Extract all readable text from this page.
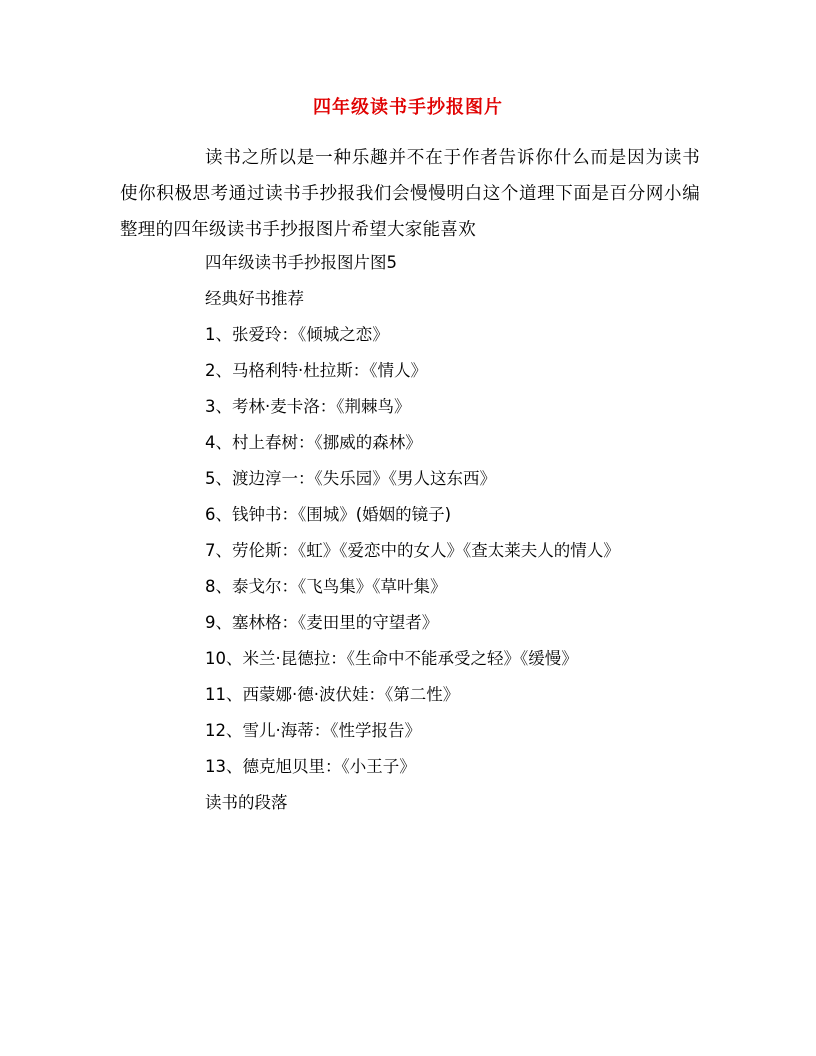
四年级读书手抄报图片
读书之所以是一种乐趣并不在于作者告诉你什么而是因为读书使你积极思考通过读书手抄报我们会慢慢明白这个道理下面是百分网小编整理的四年级读书手抄报图片希望大家能喜欢
四年级读书手抄报图片图5
经典好书推荐
1、张爱玲：《倾城之恋》
2、马格利特·杜拉斯：《情人》
3、考林·麦卡洛：《荆棘鸟》
4、村上春树：《挪威的森林》
5、渡边淳一：《失乐园》《男人这东西》
6、钱钟书：《围城》(婚姻的镜子)
7、劳伦斯：《虹》《爱恋中的女人》《查太莱夫人的情人》
8、泰戈尔：《飞鸟集》《草叶集》
9、塞林格：《麦田里的守望者》
10、米兰·昆德拉：《生命中不能承受之轻》《缓慢》
11、西蒙娜·德·波伏娃：《第二性》
12、雪儿·海蒂：《性学报告》
13、德克旭贝里：《小王子》
读书的段落
